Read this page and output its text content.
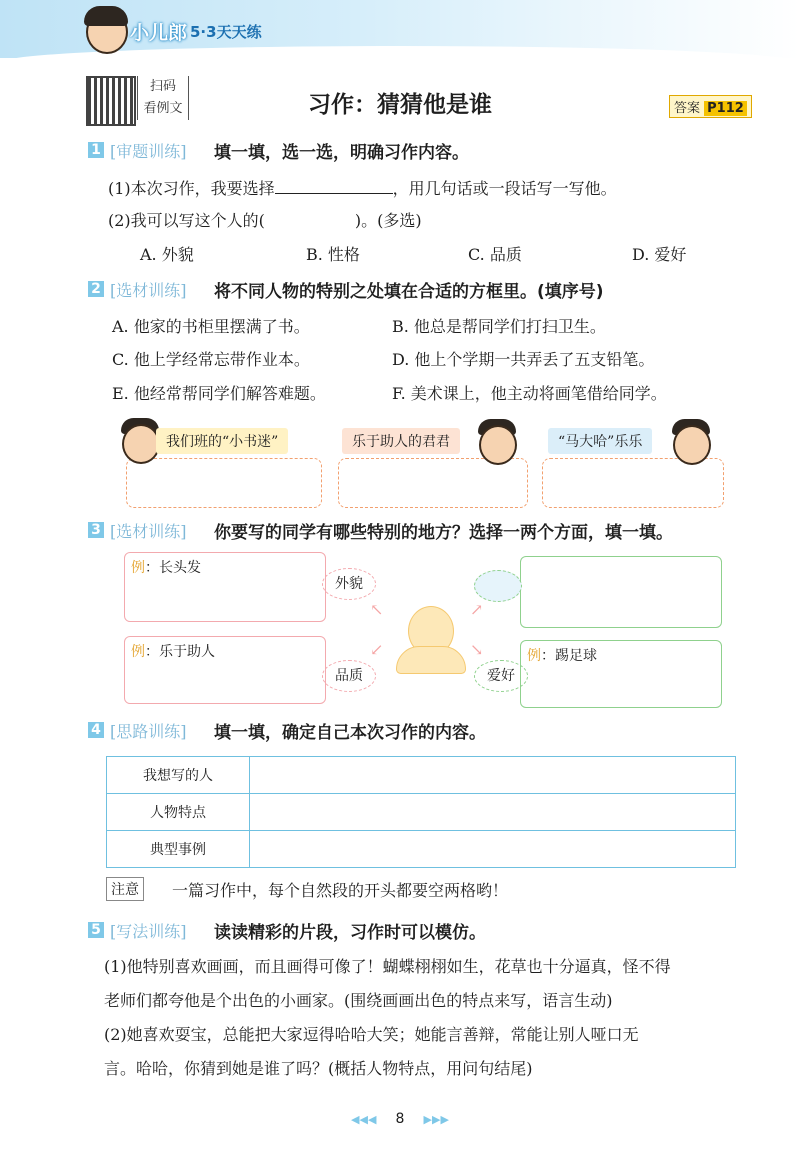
小儿郎 5·3天天练
扫码
看例文	习作：猜猜他是谁	答案 P112
1 [审题训练] 填一填，选一选，明确习作内容。
(1)本次习作，我要选择	，用几句话或一段话写一写他。
(2)我可以写这个人的(	)。(多选)
A. 外貌	B. 性格	C. 品质	D. 爱好
2 [选材训练] 将不同人物的特别之处填在合适的方框里。(填序号)
A. 他家的书柜里摆满了书。	B. 他总是帮同学们打扫卫生。
C. 他上学经常忘带作业本。	D. 他上个学期一共弄丢了五支铅笔。
E. 他经常帮同学们解答难题。	F. 美术课上，他主动将画笔借给同学。
我们班的“小书迷”	乐于助人的君君	“马大哈”乐乐
3 [选材训练] 你要写的同学有哪些特别的地方？选择一两个方面，填一填。
例：长头发
例：乐于助人	例：踢足球
外貌
品质	爱好
↖	↗
↙	↘
4 [思路训练] 填一填，确定自己本次习作的内容。
我想写的人	
人物特点	
典型事例	
注意	一篇习作中，每个自然段的开头都要空两格哟！
5 [写法训练] 读读精彩的片段，习作时可以模仿。
(1)他特别喜欢画画，而且画得可像了！蝴蝶栩栩如生，花草也十分逼真，怪不得
老师们都夸他是个出色的小画家。(围绕画画出色的特点来写，语言生动)
(2)她喜欢耍宝，总能把大家逗得哈哈大笑；她能言善辩，常能让别人哑口无
言。哈哈，你猜到她是谁了吗？(概括人物特点，用问句结尾)
◀◀◀ 8 ▶▶▶
